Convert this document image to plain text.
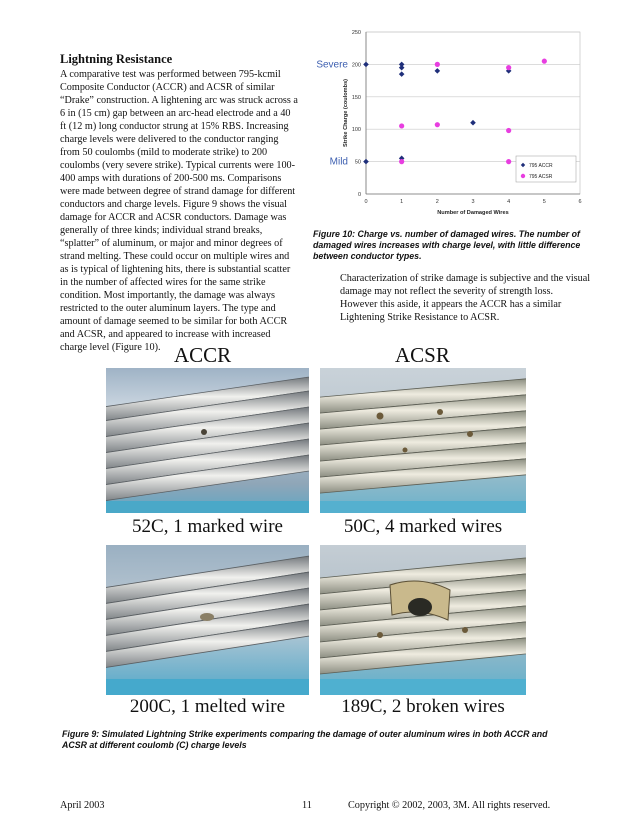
Lightning Resistance
A comparative test was performed between 795-kcmil Composite Conductor (ACCR) and ACSR of similar “Drake” construction. A lightening arc was struck across a 6 in (15 cm) gap between an arc-head electrode and a 40 ft (12 m) long conductor strung at 15% RBS. Increasing charge levels were delivered to the conductor ranging from 50 coulombs (mild to moderate strike) to 200 coulombs (very severe strike). Typical currents were 100-400 amps with durations of 200-500 ms. Comparisons were made between degree of strand damage for different conductors and charge levels. Figure 9 shows the visual damage for ACCR and ACSR conductors. Damage was generally of three kinds; individual strand breaks, “splatter” of aluminum, or major and minor degrees of strand melting. These could occur on multiple wires and as is typical of lightening hits, there is substantial scatter in the number of affected wires for the same strike condition. Most importantly, the damage was always restricted to the outer aluminum layers. The type and amount of damage seemed to be similar for both ACCR and ACSR, and appeared to increase with increased charge level (Figure 10).
0
50
100
150
200
250
0	1	2	3	4	5	6
Number of Damaged Wires
Strike Charge (coulombs)
795 ACCR
795 ACSR
Severe
Mild
Figure 10: Charge vs. number of damaged wires. The number of damaged wires increases with charge level, with little difference between conductor types.
Characterization of strike damage is subjective and the visual damage may not reflect the severity of strength loss. However this aside, it appears the ACCR has a similar Lightening Strike Resistance to ACSR.
ACCR	ACSR
52C, 1 marked wire	50C, 4 marked wires
200C, 1 melted wire	189C, 2 broken wires
Figure 9: Simulated Lightning Strike experiments comparing the damage of outer aluminum wires in both ACCR and ACSR at different coulomb (C) charge levels
April 2003	11	Copyright © 2002, 2003, 3M. All rights reserved.
